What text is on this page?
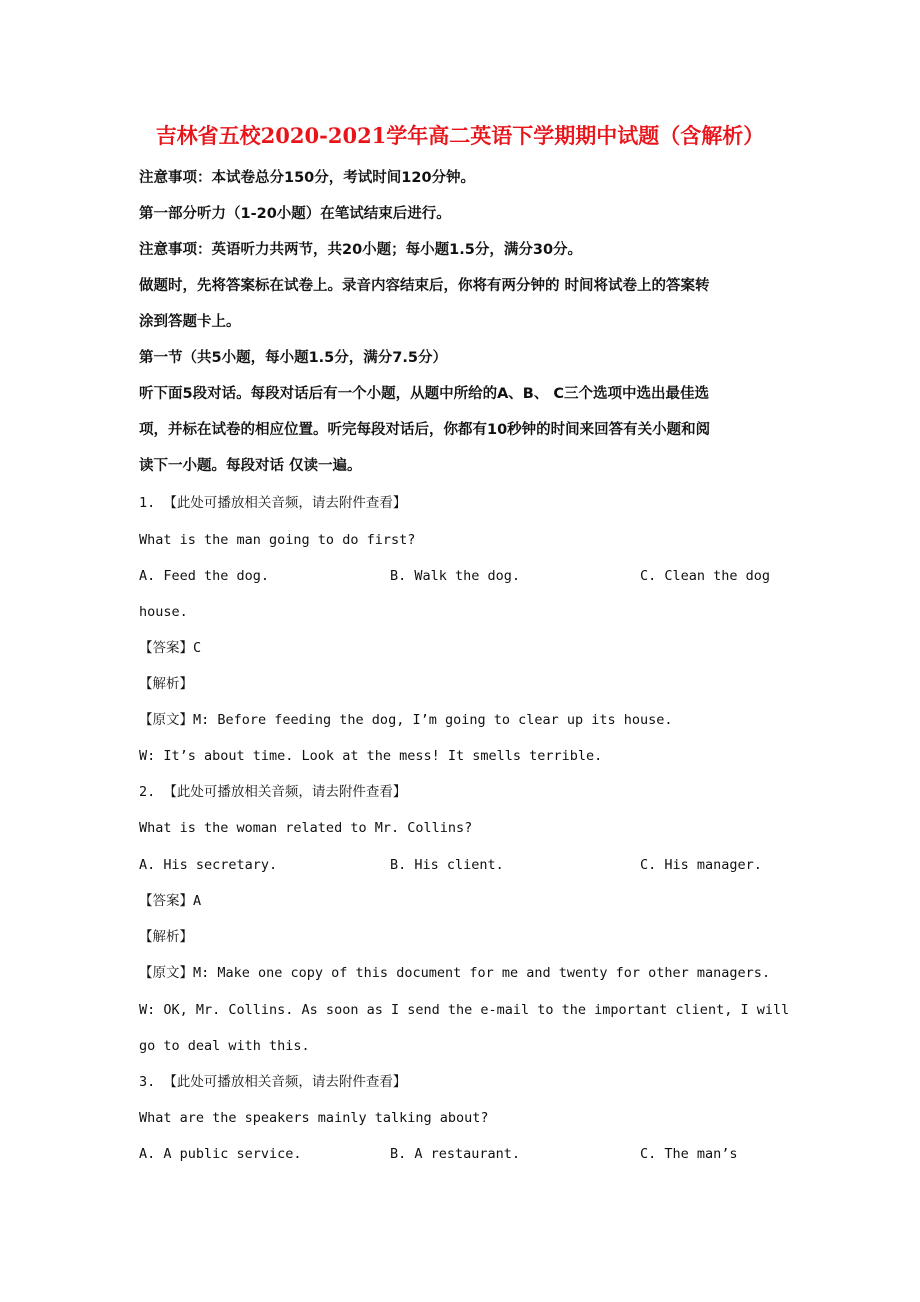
吉林省五校2020-2021学年高二英语下学期期中试题（含解析）
注意事项：本试卷总分150分，考试时间120分钟。
第一部分听力（1-20小题）在笔试结束后进行。
注意事项：英语听力共两节，共20小题；每小题1.5分，满分30分。
做题时，先将答案标在试卷上。录音内容结束后，你将有两分钟的 时间将试卷上的答案转
涂到答题卡上。
第一节（共5小题，每小题1.5分，满分7.5分）
听下面5段对话。每段对话后有一个小题，从题中所给的A、B、 C三个选项中选出最佳选
项，并标在试卷的相应位置。听完每段对话后，你都有10秒钟的时间来回答有关小题和阅
读下一小题。每段对话 仅读一遍。
1. 【此处可播放相关音频，请去附件查看】
What is the man going to do first?
A. Feed the dog.	B. Walk the dog.	C. Clean the dog
house.
【答案】C
【解析】
【原文】M: Before feeding the dog, I’m going to clear up its house.
W: It’s about time. Look at the mess! It smells terrible.
2. 【此处可播放相关音频，请去附件查看】
What is the woman related to Mr. Collins?
A. His secretary.	B. His client.	C. His manager.
【答案】A
【解析】
【原文】M: Make one copy of this document for me and twenty for other managers.
W: OK, Mr. Collins. As soon as I send the e-mail to the important client, I will
go to deal with this.
3. 【此处可播放相关音频，请去附件查看】
What are the speakers mainly talking about?
A. A public service.	B. A restaurant.	C. The man’s
